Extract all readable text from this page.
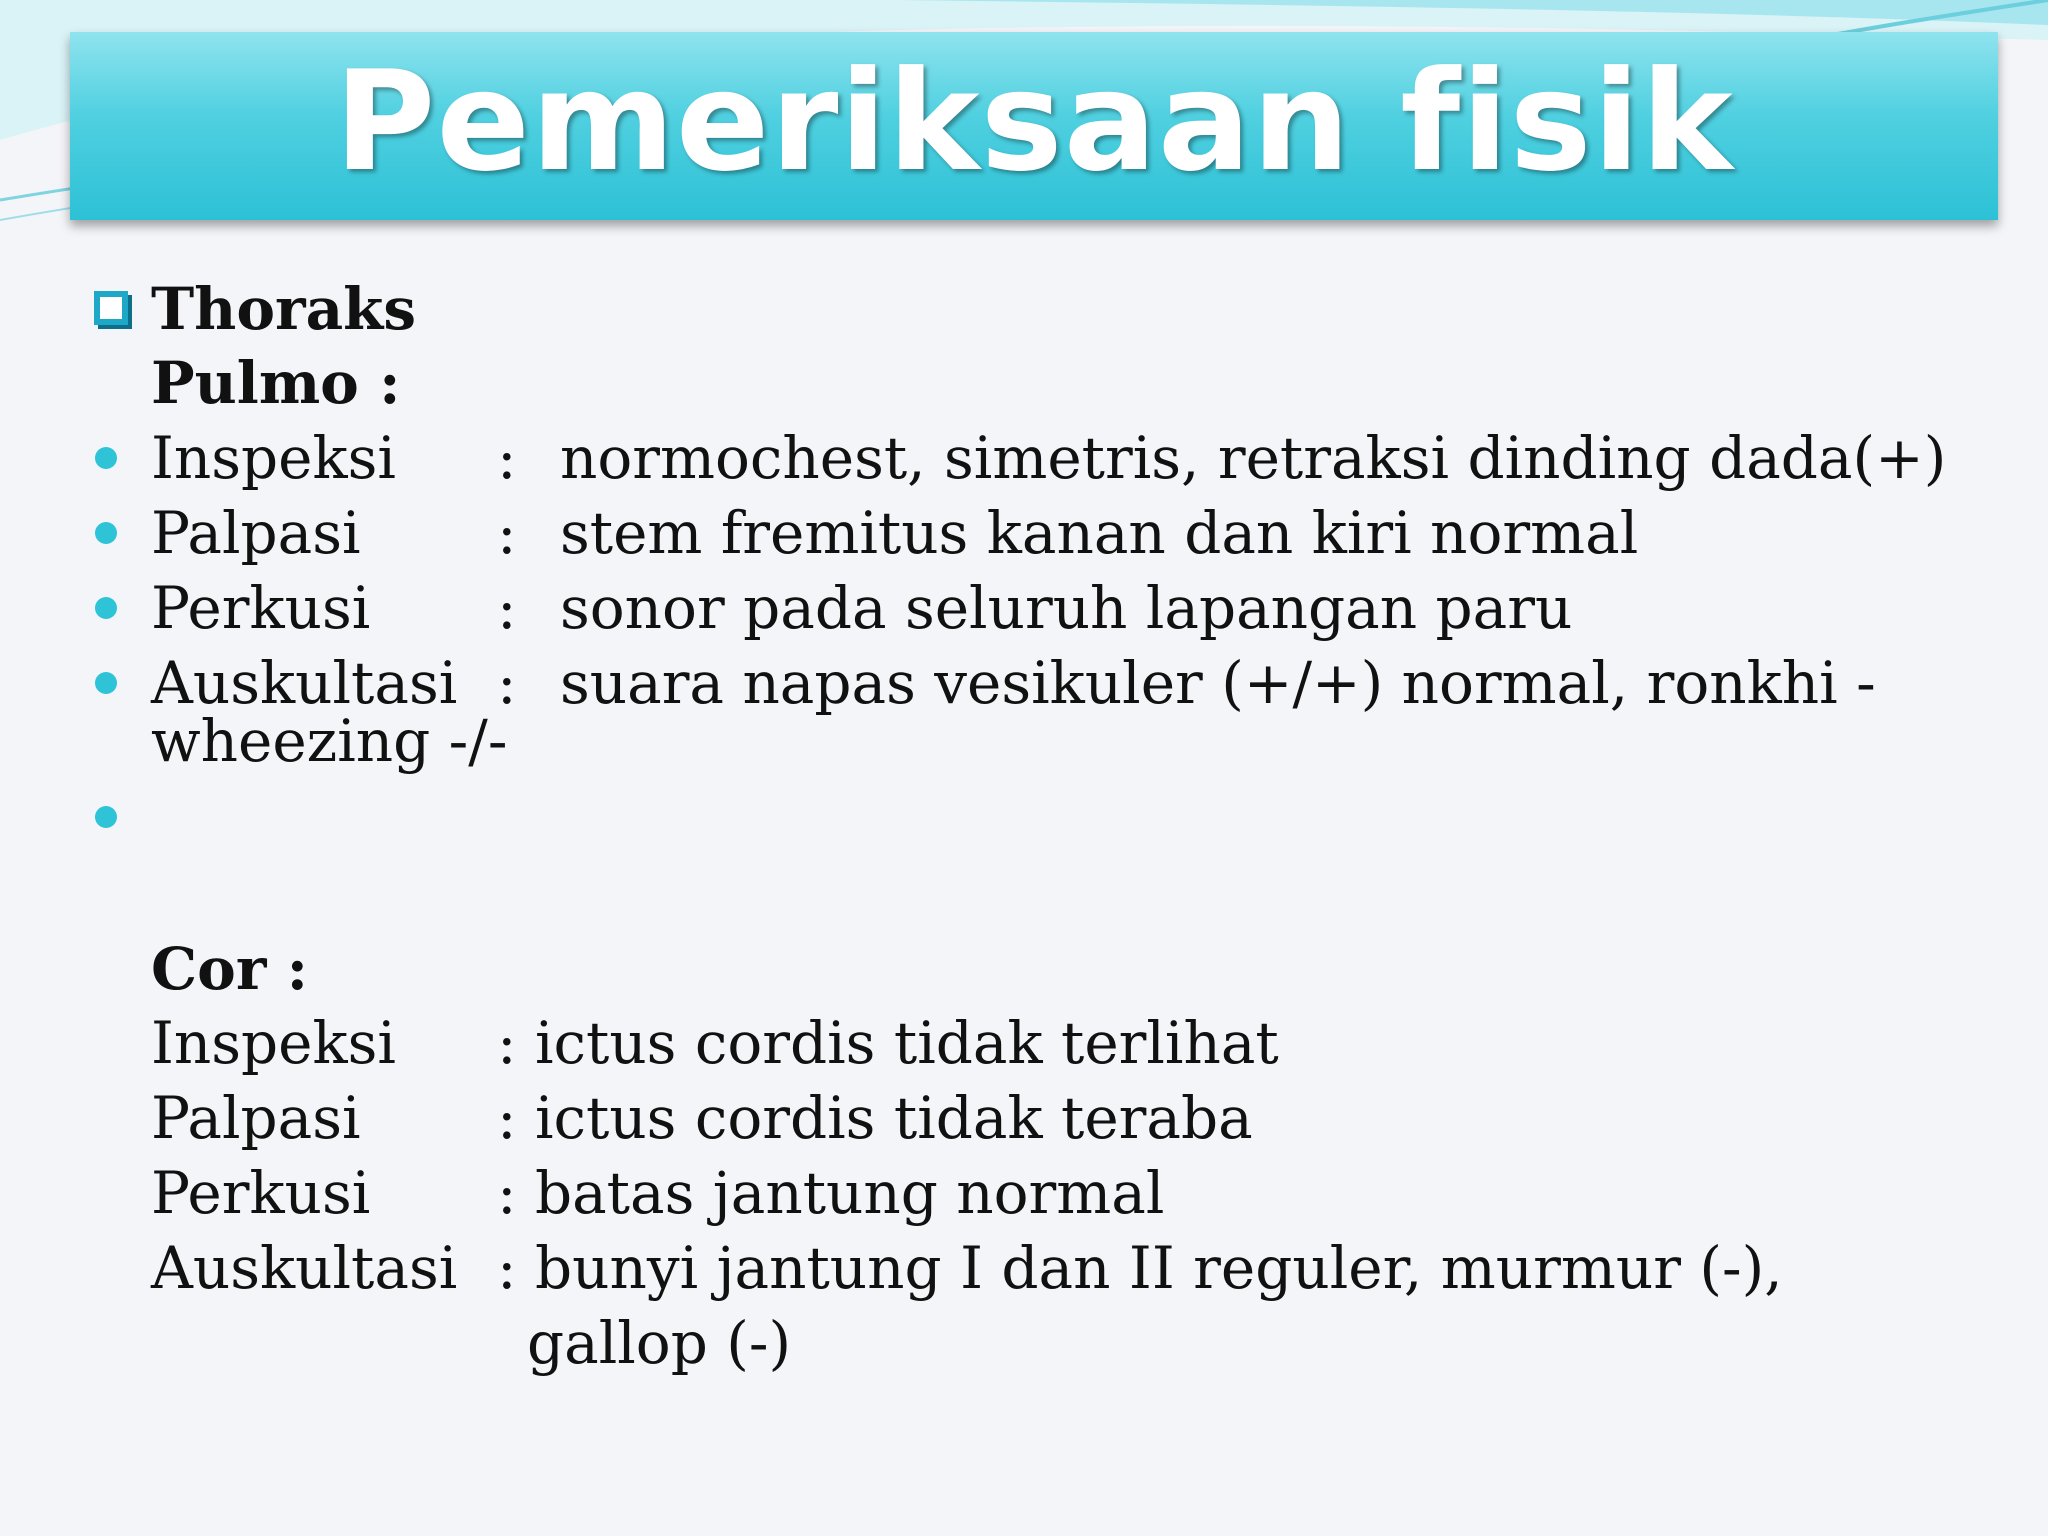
Pemeriksaan fisik
Thoraks
Pulmo :
Inspeksi : normochest, simetris, retraksi dinding dada(+)
Palpasi : stem fremitus kanan dan kiri normal
Perkusi : sonor pada seluruh lapangan paru
Auskultasi : suara napas vesikuler (+/+) normal, ronkhi -
wheezing -/-
Cor :
Inspeksi : ictus cordis tidak terlihat
Palpasi : ictus cordis tidak teraba
Perkusi : batas jantung normal
Auskultasi : bunyi jantung I dan II reguler, murmur (-),
gallop (-)
